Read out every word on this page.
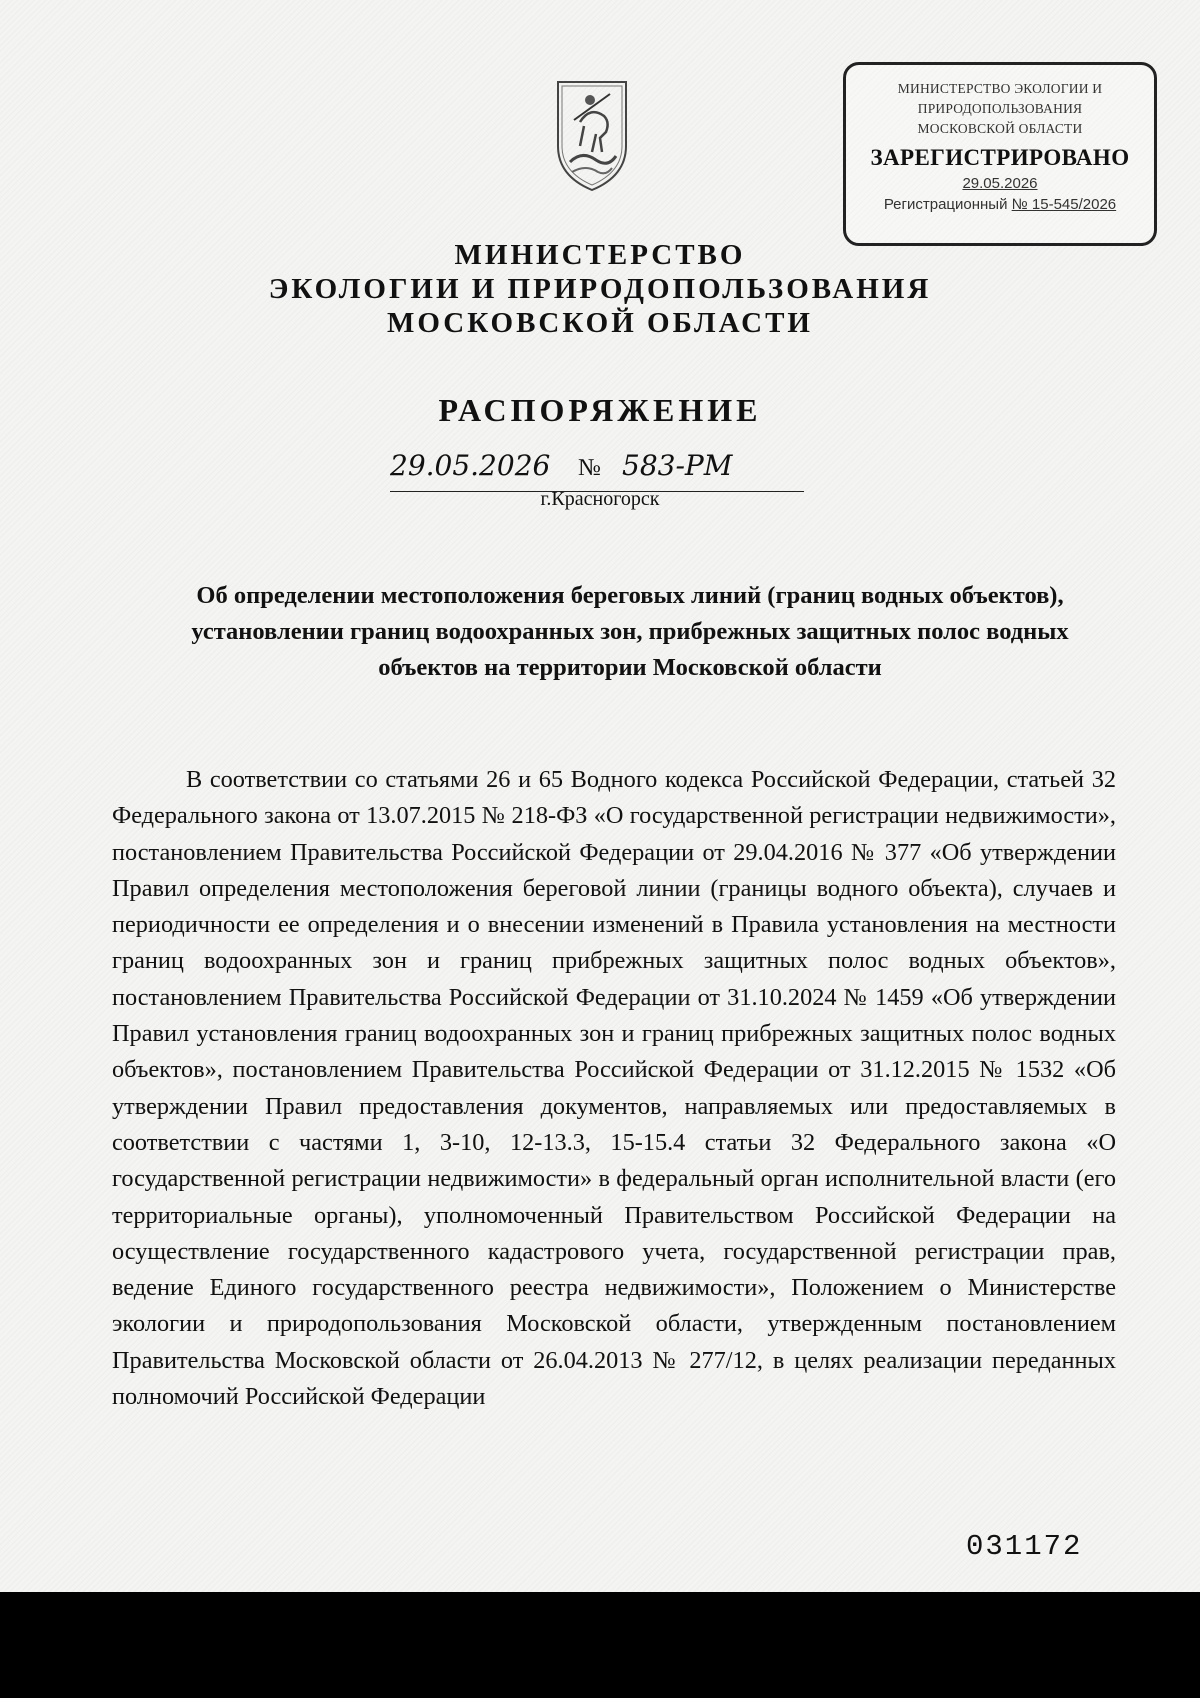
МИНИСТЕРСТВО ЭКОЛОГИИ И
ПРИРОДОПОЛЬЗОВАНИЯ
МОСКОВСКОЙ ОБЛАСТИ
ЗАРЕГИСТРИРОВАНО
29.05.2026
Регистрационный № 15-545/2026
МИНИСТЕРСТВО
ЭКОЛОГИИ И ПРИРОДОПОЛЬЗОВАНИЯ
МОСКОВСКОЙ ОБЛАСТИ
РАСПОРЯЖЕНИЕ
29.05.2026 № 583-РМ
г.Красногорск
Об определении местоположения береговых линий (границ водных объектов), установлении границ водоохранных зон, прибрежных защитных полос водных объектов на территории Московской области
В соответствии со статьями 26 и 65 Водного кодекса Российской Федерации, статьей 32 Федерального закона от 13.07.2015 № 218-ФЗ «О государственной регистрации недвижимости», постановлением Правительства Российской Федерации от 29.04.2016 № 377 «Об утверждении Правил определения местоположения береговой линии (границы водного объекта), случаев и периодичности ее определения и о внесении изменений в Правила установления на местности границ водоохранных зон и границ прибрежных защитных полос водных объектов», постановлением Правительства Российской Федерации от 31.10.2024 № 1459 «Об утверждении Правил установления границ водоохранных зон и границ прибрежных защитных полос водных объектов», постановлением Правительства Российской Федерации от 31.12.2015 № 1532 «Об утверждении Правил предоставления документов, направляемых или предоставляемых в соответствии с частями 1, 3-10, 12-13.3, 15-15.4 статьи 32 Федерального закона «О государственной регистрации недвижимости» в федеральный орган исполнительной власти (его территориальные органы), уполномоченный Правительством Российской Федерации на осуществление государственного кадастрового учета, государственной регистрации прав, ведение Единого государственного реестра недвижимости», Положением о Министерстве экологии и природопользования Московской области, утвержденным постановлением Правительства Московской области от 26.04.2013 № 277/12, в целях реализации переданных полномочий Российской Федерации
031172
